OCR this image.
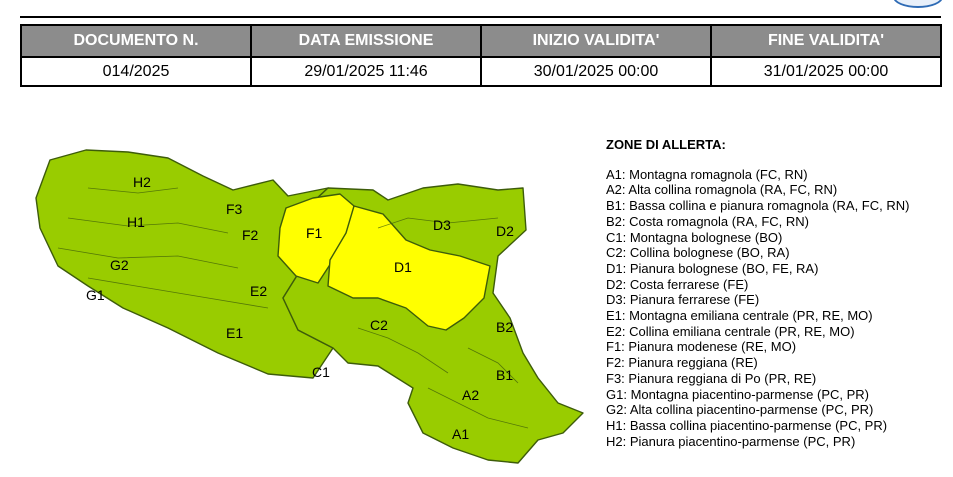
DOCUMENTO N.	DATA EMISSIONE	INIZIO VALIDITA'	FINE VALIDITA'
014/2025	29/01/2025 11:46	30/01/2025 00:00	31/01/2025 00:00
H2
H1
G2
G1
F3
F2	F1
E2
E1
D3	D2
D1
C2
C1
B2
B1
A2
A1
ZONE DI ALLERTA:
A1: Montagna romagnola (FC, RN)
A2: Alta collina romagnola (RA, FC, RN)
B1: Bassa collina e pianura romagnola (RA, FC, RN)
B2: Costa romagnola (RA, FC, RN)
C1: Montagna bolognese (BO)
C2: Collina bolognese (BO, RA)
D1: Pianura bolognese (BO, FE, RA)
D2: Costa ferrarese (FE)
D3: Pianura ferrarese (FE)
E1: Montagna emiliana centrale (PR, RE, MO)
E2: Collina emiliana centrale (PR, RE, MO)
F1: Pianura modenese (RE, MO)
F2: Pianura reggiana (RE)
F3: Pianura reggiana di Po (PR, RE)
G1: Montagna piacentino-parmense (PC, PR)
G2: Alta collina piacentino-parmense (PC, PR)
H1: Bassa collina piacentino-parmense (PC, PR)
H2: Pianura piacentino-parmense (PC, PR)
